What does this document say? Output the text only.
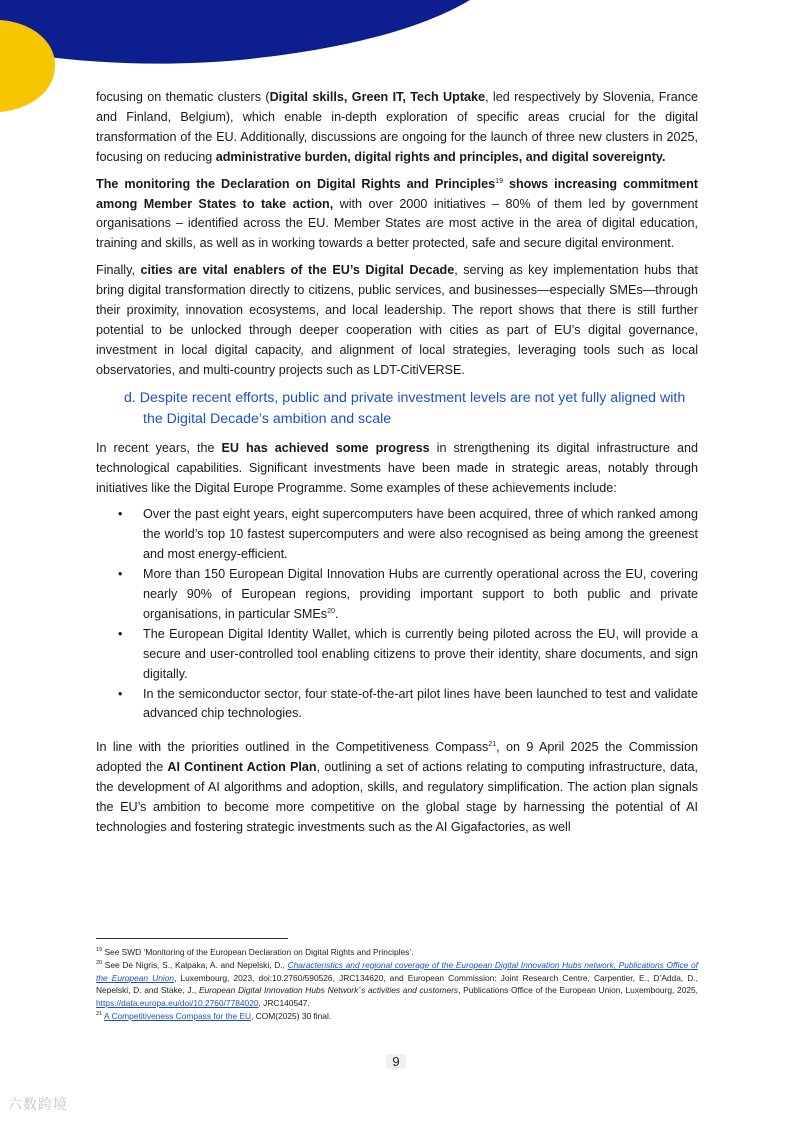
focusing on thematic clusters (Digital skills, Green IT, Tech Uptake, led respectively by Slovenia, France and Finland, Belgium), which enable in-depth exploration of specific areas crucial for the digital transformation of the EU. Additionally, discussions are ongoing for the launch of three new clusters in 2025, focusing on reducing administrative burden, digital rights and principles, and digital sovereignty.

The monitoring the Declaration on Digital Rights and Principles$^{19}$ shows increasing commitment among Member States to take action, with over 2000 initiatives – 80% of them led by government organisations – identified across the EU. Member States are most active in the area of digital education, training and skills, as well as in working towards a better protected, safe and secure digital environment.

Finally, cities are vital enablers of the EU’s Digital Decade, serving as key implementation hubs that bring digital transformation directly to citizens, public services, and businesses—especially SMEs—through their proximity, innovation ecosystems, and local leadership. The report shows that there is still further potential to be unlocked through deeper cooperation with cities as part of EU’s digital governance, investment in local digital capacity, and alignment of local strategies, leveraging tools such as local observatories, and multi-country projects such as LDT-CitiVERSE.

d. Despite recent efforts, public and private investment levels are not yet fully aligned with the Digital Decade’s ambition and scale

In recent years, the EU has achieved some progress in strengthening its digital infrastructure and technological capabilities. Significant investments have been made in strategic areas, notably through initiatives like the Digital Europe Programme. Some examples of these achievements include:

• Over the past eight years, eight supercomputers have been acquired, three of which ranked among the world’s top 10 fastest supercomputers and were also recognised as being among the greenest and most energy-efficient.
• More than 150 European Digital Innovation Hubs are currently operational across the EU, covering nearly 90% of European regions, providing important support to both public and private organisations, in particular SMEs$^{20}$.
• The European Digital Identity Wallet, which is currently being piloted across the EU, will provide a secure and user-controlled tool enabling citizens to prove their identity, share documents, and sign digitally.
• In the semiconductor sector, four state-of-the-art pilot lines have been launched to test and validate advanced chip technologies.

In line with the priorities outlined in the Competitiveness Compass$^{21}$, on 9 April 2025 the Commission adopted the AI Continent Action Plan, outlining a set of actions relating to computing infrastructure, data, the development of AI algorithms and adoption, skills, and regulatory simplification. The action plan signals the EU’s ambition to become more competitive on the global stage by harnessing the potential of AI technologies and fostering strategic investments such as the AI Gigafactories, as well

$^{19}$ See SWD ‘Monitoring of the European Declaration on Digital Rights and Principles’.
$^{20}$ See De Nigris, S., Kalpaka, A. and Nepelski, D., Characteristics and regional coverage of the European Digital Innovation Hubs network, Publications Office of the European Union, Luxembourg, 2023, doi:10.2760/590526, JRC134620, and European Commission: Joint Research Centre, Carpentier, E., D’Adda, D., Nepelski, D. and Stake, J., European Digital Innovation Hubs Network´s activities and customers, Publications Office of the European Union, Luxembourg, 2025, https://data.europa.eu/doi/10.2760/7784020, JRC140547.
$^{21}$ A Competitiveness Compass for the EU, COM(2025) 30 final.
9
六数跨境
